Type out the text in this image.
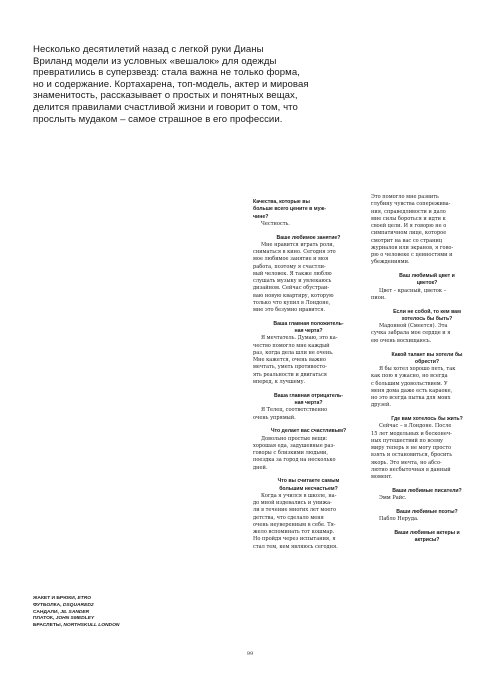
Несколько десятилетий назад с легкой руки Дианы
Вриланд модели из условных «вешалок» для одежды
превратились в суперзвезд: стала важна не только форма,
но и содержание. Кортахарена, топ-модель, актер и мировая
знаменитость, рассказывает о простых и понятных вещах,
делится правилами счастливой жизни и говорит о том, что
прослыть мудаком – самое страшное в его профессии.

Качества, которые вы
больше всего цените в муж-
чине?
Честность.
Ваше любимое занятие?
Мне нравится играть роли,
сниматься в кино. Сегодня это
мое любимое занятие и моя
работа, поэтому я счастли-
вый человек. Я также люблю
слушать музыку и увлекаюсь
дизайном. Сейчас обустраи-
ваю новую квартиру, которую
только что купил в Лондоне,
мне это безумно нравится.
Ваша главная положитель-
ная черта?
Я мечтатель. Думаю, это ка-
чество помогло мне каждый
раз, когда дела шли не очень.
Мне кажется, очень важно
мечтать, уметь противосто-
ять реальности и двигаться
вперед, к лучшему.
Ваша главная отрицатель-
ная черта?
Я Телец, соответственно
очень упрямый.
Что делает вас счастливым?
Довольно простые вещи:
хорошая еда, задушевные раз-
говоры с близкими людьми,
поездка за город на несколько
дней.
Что вы считаете самым
большим несчастьем?
Когда я учился в школе, на-
до мной издевались и унижа-
ли в течение многих лет моего
детства, что сделало меня
очень неуверенным в себе. Тя-
жело вспоминать тот кошмар.
Но пройдя через испытания, я
стал тем, кем являюсь сегодня.
Это помогло мне развить
глубину чувства сопережива-
ния, справедливости и дало
мне силы бороться и идти к
своей цели. И я говорю не о
симпатичном лице, которое
смотрит на вас со страниц
журналов или экранов, я гово-
рю о человеке с ценностями и
убеждениями.
Ваш любимый цвет и
цветок?
Цвет – красный, цветок –
пион.
Если не собой, то кем вам
хотелось бы быть?
Мадонной (Смеется). Эта
сучка забрала мое сердце и я
ею очень восхищаюсь.
Какой талант вы хотели бы
обрести?
Я бы хотел хорошо петь, так
как пою я ужасно, но всегда
с большим удовольствием. У
меня дома даже есть караоке,
но это всегда пытка для моих
друзей.
Где вам хотелось бы жить?
Сейчас – в Лондоне. После
15 лет модельных и бесконеч-
ных путешествий по всему
миру теперь я не могу просто
взять и остановиться, бросить
якорь. Это мечта, но абсо-
лютно несбыточная в данный
момент.
Ваши любимые писатели?
Эмм Райс.
Ваши любимые поэты?
Пабло Неруда.
Ваши любимые актеры и
актрисы?
ЖАКЕТ И БРЮКИ, ETRO
ФУТБОЛКА, DSQUARED2
САНДАЛИ, JIL SANDER
ПЛАТОК, JOHN SMEDLEY
БРАСЛЕТЫ, NORTHSKULL LONDON
99
